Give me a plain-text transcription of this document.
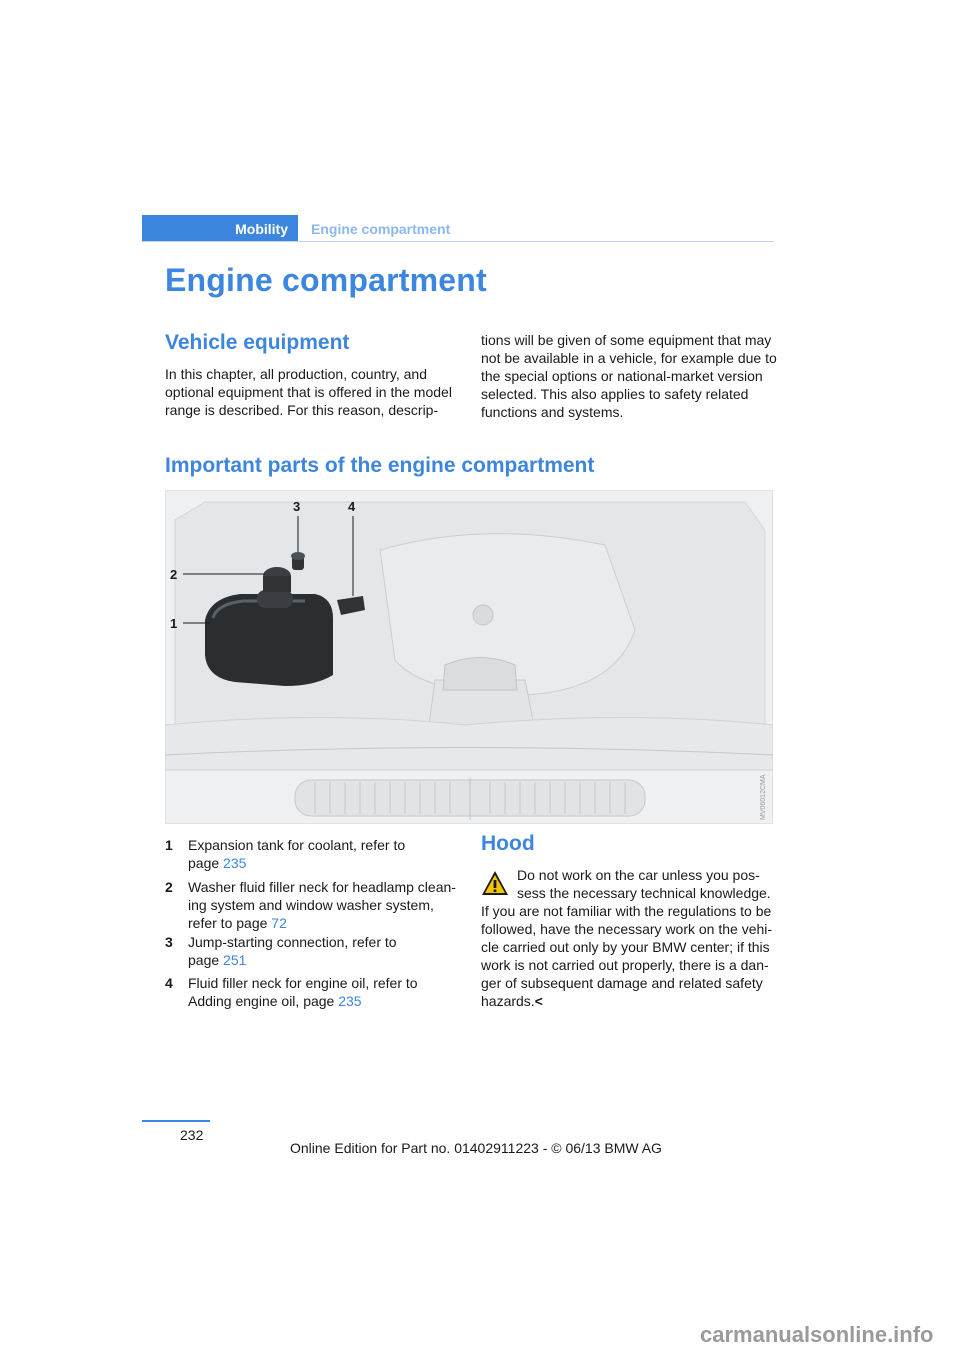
Mobility Engine compartment
Engine compartment
Vehicle equipment
In this chapter, all production, country, and
optional equipment that is offered in the model
range is described. For this reason, descrip-
tions will be given of some equipment that may
not be available in a vehicle, for example due to
the special options or national-market version
selected. This also applies to safety related
functions and systems.
Important parts of the engine compartment
1
2
3	4
MV06012CMA
1 Expansion tank for coolant, refer to
page 235
2 Washer fluid filler neck for headlamp clean-
ing system and window washer system,
refer to page 72
3 Jump-starting connection, refer to
page 251
4 Fluid filler neck for engine oil, refer to
Adding engine oil, page 235
Hood
Do not work on the car unless you pos-
sess the necessary technical knowledge.
If you are not familiar with the regulations to be
followed, have the necessary work on the vehi-
cle carried out only by your BMW center; if this
work is not carried out properly, there is a dan-
ger of subsequent damage and related safety
hazards.<
232
Online Edition for Part no. 01402911223 - © 06/13 BMW AG
carmanualsonline.info
